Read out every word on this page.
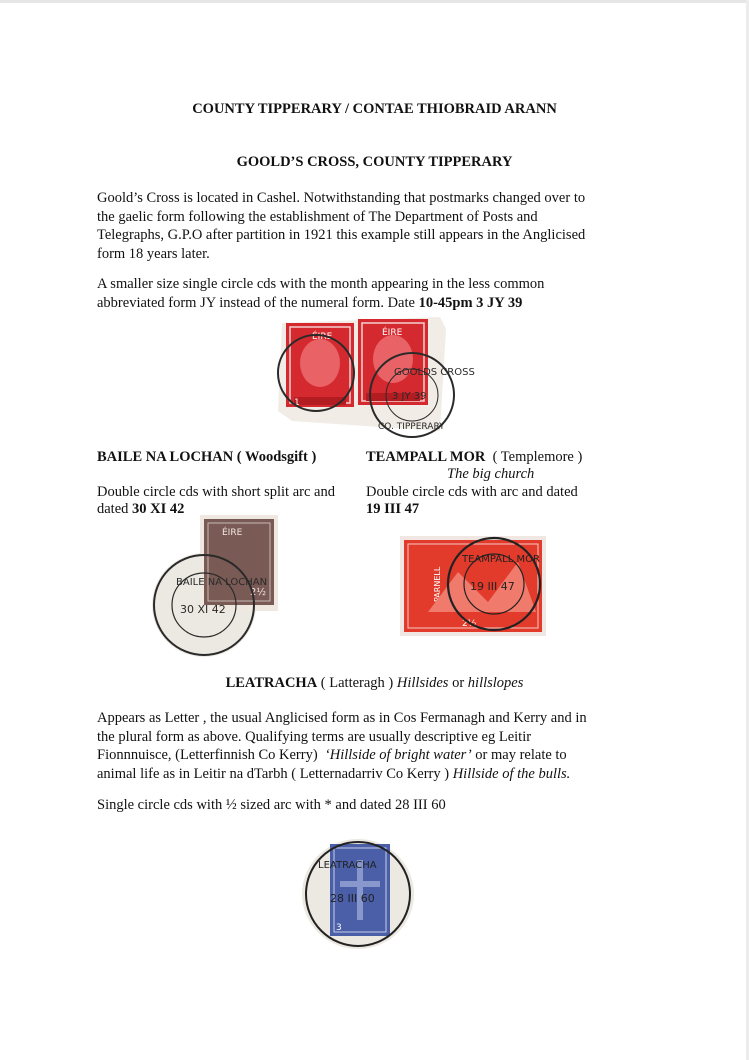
COUNTY TIPPERARY / CONTAE THIOBRAID ARANN
GOOLD’S CROSS, COUNTY TIPPERARY
Goold’s Cross is located in Cashel. Notwithstanding that postmarks changed over to
the gaelic form following the establishment of The Department of Posts and
Telegraphs, G.P.O after partition in 1921 this example still appears in the Anglicised
form 18 years later.
A smaller size single circle cds with the month appearing in the less common
abbreviated form JY instead of the numeral form. Date 10-45pm 3 JY 39
ÉIRE	ÉIRE
1
GOOLDS CROSS
3 JY 39
CO. TIPPERARY
BAILE NA LOCHAN ( Woodsgift )
Double circle cds with short split arc and
dated 30 XI 42
TEAMPALL MOR ( Templemore )
The big church
Double circle cds with arc and dated
19 III 47
ÉIRE
2½
BAILE NA LOCHAN
30 XI 42
PARNELL
2½
TEAMPALL MOR
19 III 47
LEATRACHA ( Latteragh ) Hillsides or hillslopes
Appears as Letter , the usual Anglicised form as in Cos Fermanagh and Kerry and in
the plural form as above. Qualifying terms are usually descriptive eg Leitir
Fionnnuisce, (Letterfinnish Co Kerry) ‘Hillside of bright water’ or may relate to
animal life as in Leitir na dTarbh ( Letternadarriv Co Kerry ) Hillside of the bulls.
Single circle cds with ½ sized arc with * and dated 28 III 60
3
LEATRACHA
28 III 60
